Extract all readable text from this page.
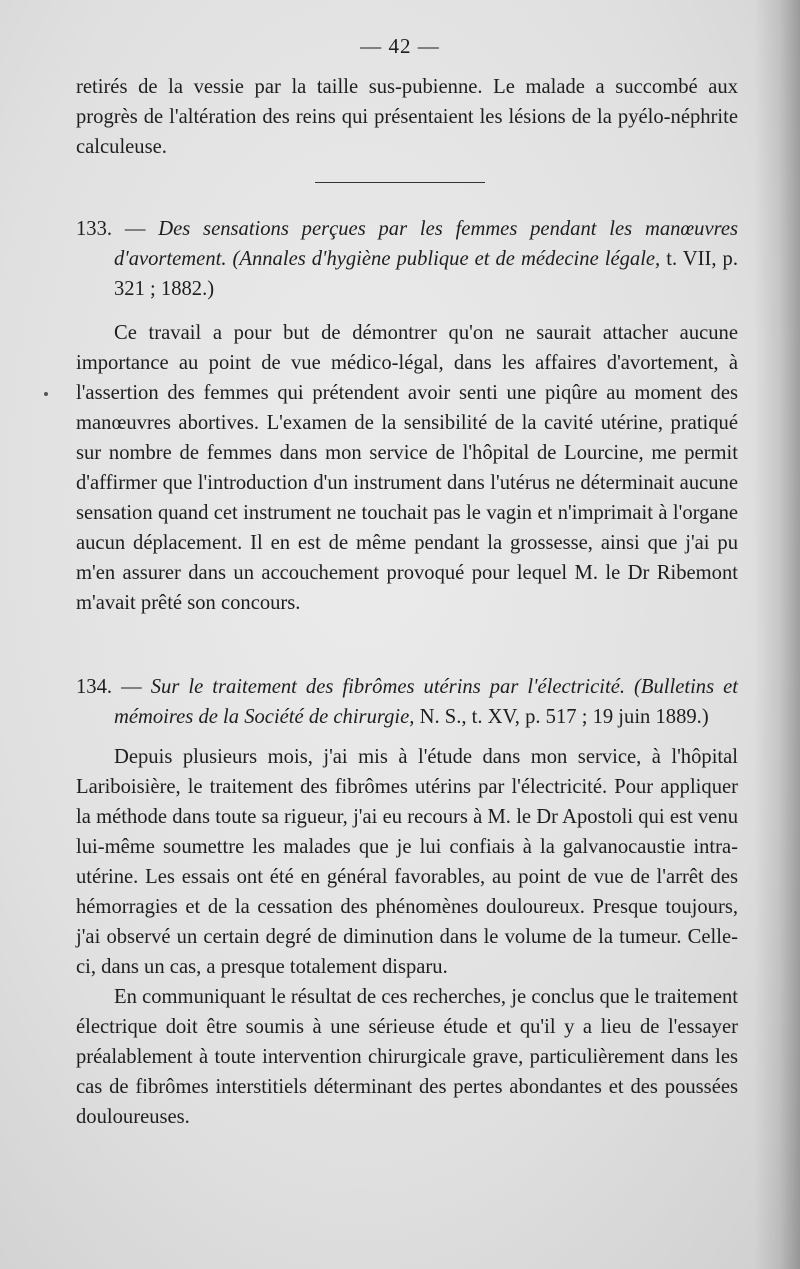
— 42 —

retirés de la vessie par la taille sus-pubienne. Le malade a succombé aux progrès de l'altération des reins qui présentaient les lésions de la pyélo-néphrite calculeuse.

133. — Des sensations perçues par les femmes pendant les manœuvres d'avortement. (Annales d'hygiène publique et de médecine légale, t. VII, p. 321 ; 1882.)

Ce travail a pour but de démontrer qu'on ne saurait attacher aucune importance au point de vue médico-légal, dans les affaires d'avortement, à l'assertion des femmes qui prétendent avoir senti une piqûre au moment des manœuvres abortives. L'examen de la sensibilité de la cavité utérine, pratiqué sur nombre de femmes dans mon service de l'hôpital de Lourcine, me permit d'affirmer que l'introduction d'un instrument dans l'utérus ne déterminait aucune sensation quand cet instrument ne touchait pas le vagin et n'imprimait à l'organe aucun déplacement. Il en est de même pendant la grossesse, ainsi que j'ai pu m'en assurer dans un accouchement provoqué pour lequel M. le Dr Ribemont m'avait prêté son concours.

134. — Sur le traitement des fibrômes utérins par l'électricité. (Bulletins et mémoires de la Société de chirurgie, N. S., t. XV, p. 517 ; 19 juin 1889.)

Depuis plusieurs mois, j'ai mis à l'étude dans mon service, à l'hôpital Lariboisière, le traitement des fibrômes utérins par l'électricité. Pour appliquer la méthode dans toute sa rigueur, j'ai eu recours à M. le Dr Apostoli qui est venu lui-même soumettre les malades que je lui confiais à la galvanocaustie intra-utérine. Les essais ont été en général favorables, au point de vue de l'arrêt des hémorragies et de la cessation des phénomènes douloureux. Presque toujours, j'ai observé un certain degré de diminution dans le volume de la tumeur. Celle-ci, dans un cas, a presque totalement disparu.

En communiquant le résultat de ces recherches, je conclus que le traitement électrique doit être soumis à une sérieuse étude et qu'il y a lieu de l'essayer préalablement à toute intervention chirurgicale grave, particulièrement dans les cas de fibrômes interstitiels déterminant des pertes abondantes et des poussées douloureuses.
